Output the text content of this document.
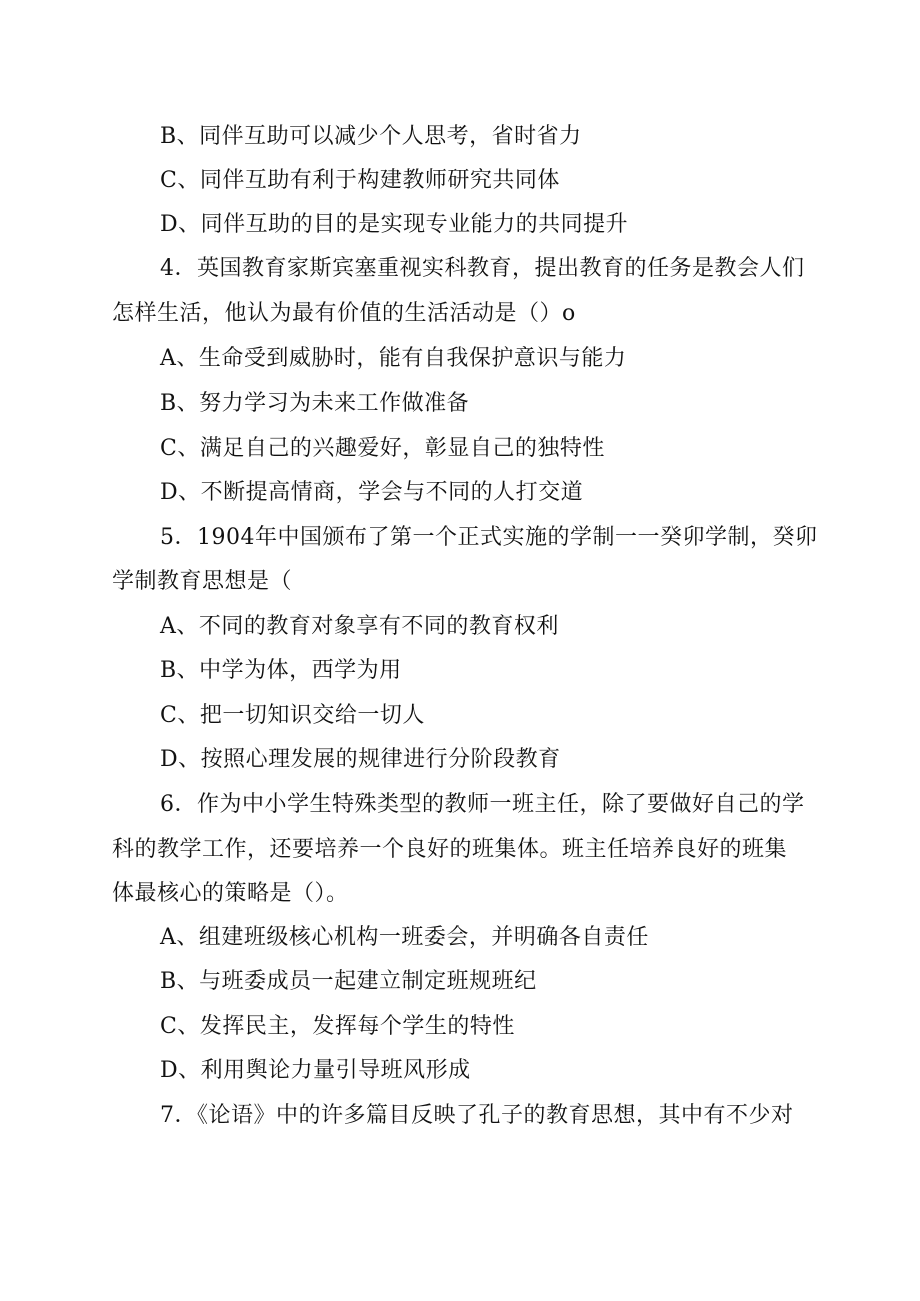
B、同伴互助可以减少个人思考，省时省力
C、同伴互助有利于构建教师研究共同体
D、同伴互助的目的是实现专业能力的共同提升
4．英国教育家斯宾塞重视实科教育，提出教育的任务是教会人们
怎样生活，他认为最有价值的生活活动是（）o
A、生命受到威胁时，能有自我保护意识与能力
B、努力学习为未来工作做准备
C、满足自己的兴趣爱好，彰显自己的独特性
D、不断提高情商，学会与不同的人打交道
5．1904年中国颁布了第一个正式实施的学制一一癸卯学制，癸卯
学制教育思想是（
A、不同的教育对象享有不同的教育权利
B、中学为体，西学为用
C、把一切知识交给一切人
D、按照心理发展的规律进行分阶段教育
6．作为中小学生特殊类型的教师一班主任，除了要做好自己的学
科的教学工作，还要培养一个良好的班集体。班主任培养良好的班集
体最核心的策略是（）。
A、组建班级核心机构一班委会，并明确各自责任
B、与班委成员一起建立制定班规班纪
C、发挥民主，发挥每个学生的特性
D、利用舆论力量引导班风形成
7．《论语》中的许多篇目反映了孔子的教育思想，其中有不少对
